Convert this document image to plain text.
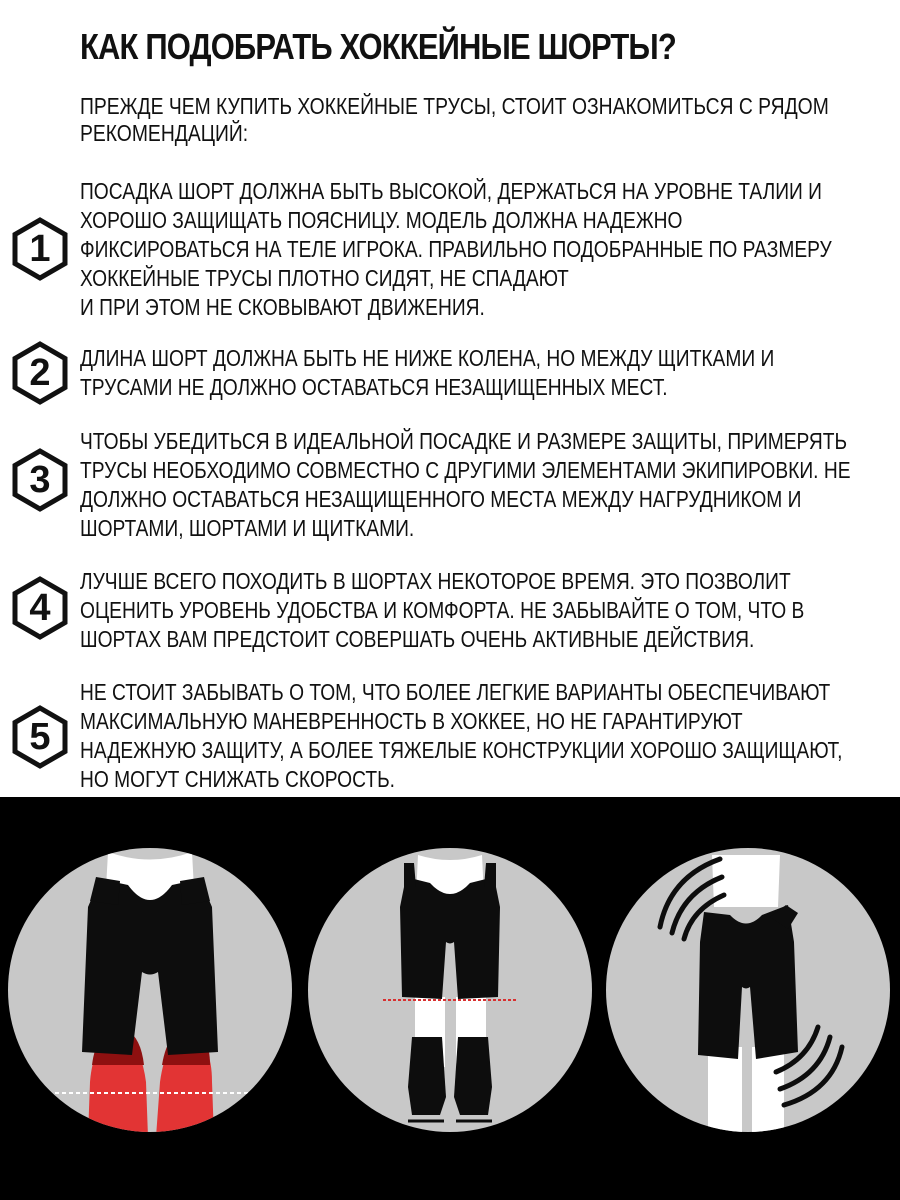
КАК ПОДОБРАТЬ ХОККЕЙНЫЕ ШОРТЫ?
ПРЕЖДЕ ЧЕМ КУПИТЬ ХОККЕЙНЫЕ ТРУСЫ, СТОИТ ОЗНАКОМИТЬСЯ С РЯДОМ
РЕКОМЕНДАЦИЙ:
1
ПОСАДКА ШОРТ ДОЛЖНА БЫТЬ ВЫСОКОЙ, ДЕРЖАТЬСЯ НА УРОВНЕ ТАЛИИ И
ХОРОШО ЗАЩИЩАТЬ ПОЯСНИЦУ. МОДЕЛЬ ДОЛЖНА НАДЕЖНО
ФИКСИРОВАТЬСЯ НА ТЕЛЕ ИГРОКА. ПРАВИЛЬНО ПОДОБРАННЫЕ ПО РАЗМЕРУ
ХОККЕЙНЫЕ ТРУСЫ ПЛОТНО СИДЯТ, НЕ СПАДАЮТ
И ПРИ ЭТОМ НЕ СКОВЫВАЮТ ДВИЖЕНИЯ.
2 ДЛИНА ШОРТ ДОЛЖНА БЫТЬ НЕ НИЖЕ КОЛЕНА, НО МЕЖДУ ЩИТКАМИ И
ТРУСАМИ НЕ ДОЛЖНО ОСТАВАТЬСЯ НЕЗАЩИЩЕННЫХ МЕСТ.
3
ЧТОБЫ УБЕДИТЬСЯ В ИДЕАЛЬНОЙ ПОСАДКЕ И РАЗМЕРЕ ЗАЩИТЫ, ПРИМЕРЯТЬ
ТРУСЫ НЕОБХОДИМО СОВМЕСТНО С ДРУГИМИ ЭЛЕМЕНТАМИ ЭКИПИРОВКИ. НЕ
ДОЛЖНО ОСТАВАТЬСЯ НЕЗАЩИЩЕННОГО МЕСТА МЕЖДУ НАГРУДНИКОМ И
ШОРТАМИ, ШОРТАМИ И ЩИТКАМИ.
4
ЛУЧШЕ ВСЕГО ПОХОДИТЬ В ШОРТАХ НЕКОТОРОЕ ВРЕМЯ. ЭТО ПОЗВОЛИТ
ОЦЕНИТЬ УРОВЕНЬ УДОБСТВА И КОМФОРТА. НЕ ЗАБЫВАЙТЕ О ТОМ, ЧТО В
ШОРТАХ ВАМ ПРЕДСТОИТ СОВЕРШАТЬ ОЧЕНЬ АКТИВНЫЕ ДЕЙСТВИЯ.
5
НЕ СТОИТ ЗАБЫВАТЬ О ТОМ, ЧТО БОЛЕЕ ЛЕГКИЕ ВАРИАНТЫ ОБЕСПЕЧИВАЮТ
МАКСИМАЛЬНУЮ МАНЕВРЕННОСТЬ В ХОККЕЕ, НО НЕ ГАРАНТИРУЮТ
НАДЕЖНУЮ ЗАЩИТУ, А БОЛЕЕ ТЯЖЕЛЫЕ КОНСТРУКЦИИ ХОРОШО ЗАЩИЩАЮТ,
НО МОГУТ СНИЖАТЬ СКОРОСТЬ.
